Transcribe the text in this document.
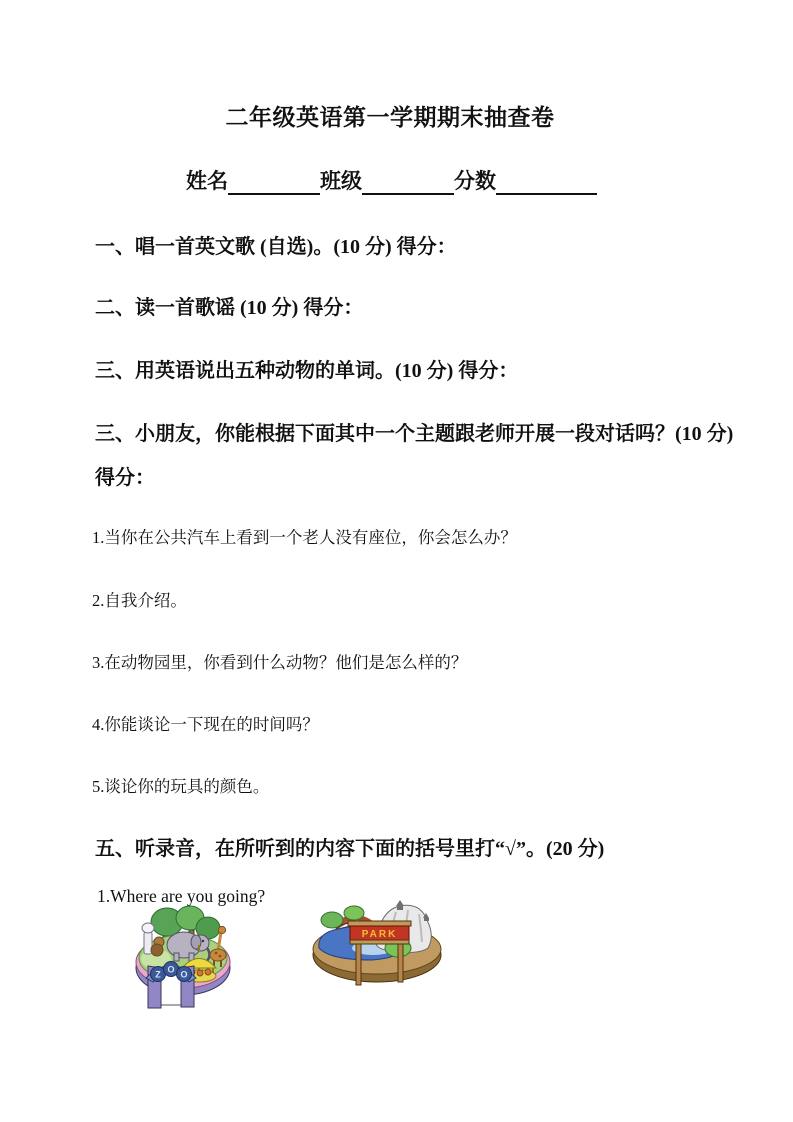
二年级英语第一学期期末抽查卷
姓名	班级	分数
一、唱一首英文歌 (自选)。(10 分) 得分：
二、读一首歌谣 (10 分) 得分：
三、用英语说出五种动物的单词。(10 分) 得分：
三、小朋友，你能根据下面其中一个主题跟老师开展一段对话吗？(10 分)
得分：
1.当你在公共汽车上看到一个老人没有座位，你会怎么办？
2.自我介绍。
3.在动物园里，你看到什么动物？他们是怎么样的？
4.你能谈论一下现在的时间吗？
5.谈论你的玩具的颜色。
五、听录音，在所听到的内容下面的括号里打“√”。(20 分)
1.Where are you going?
Z O O
PARK
